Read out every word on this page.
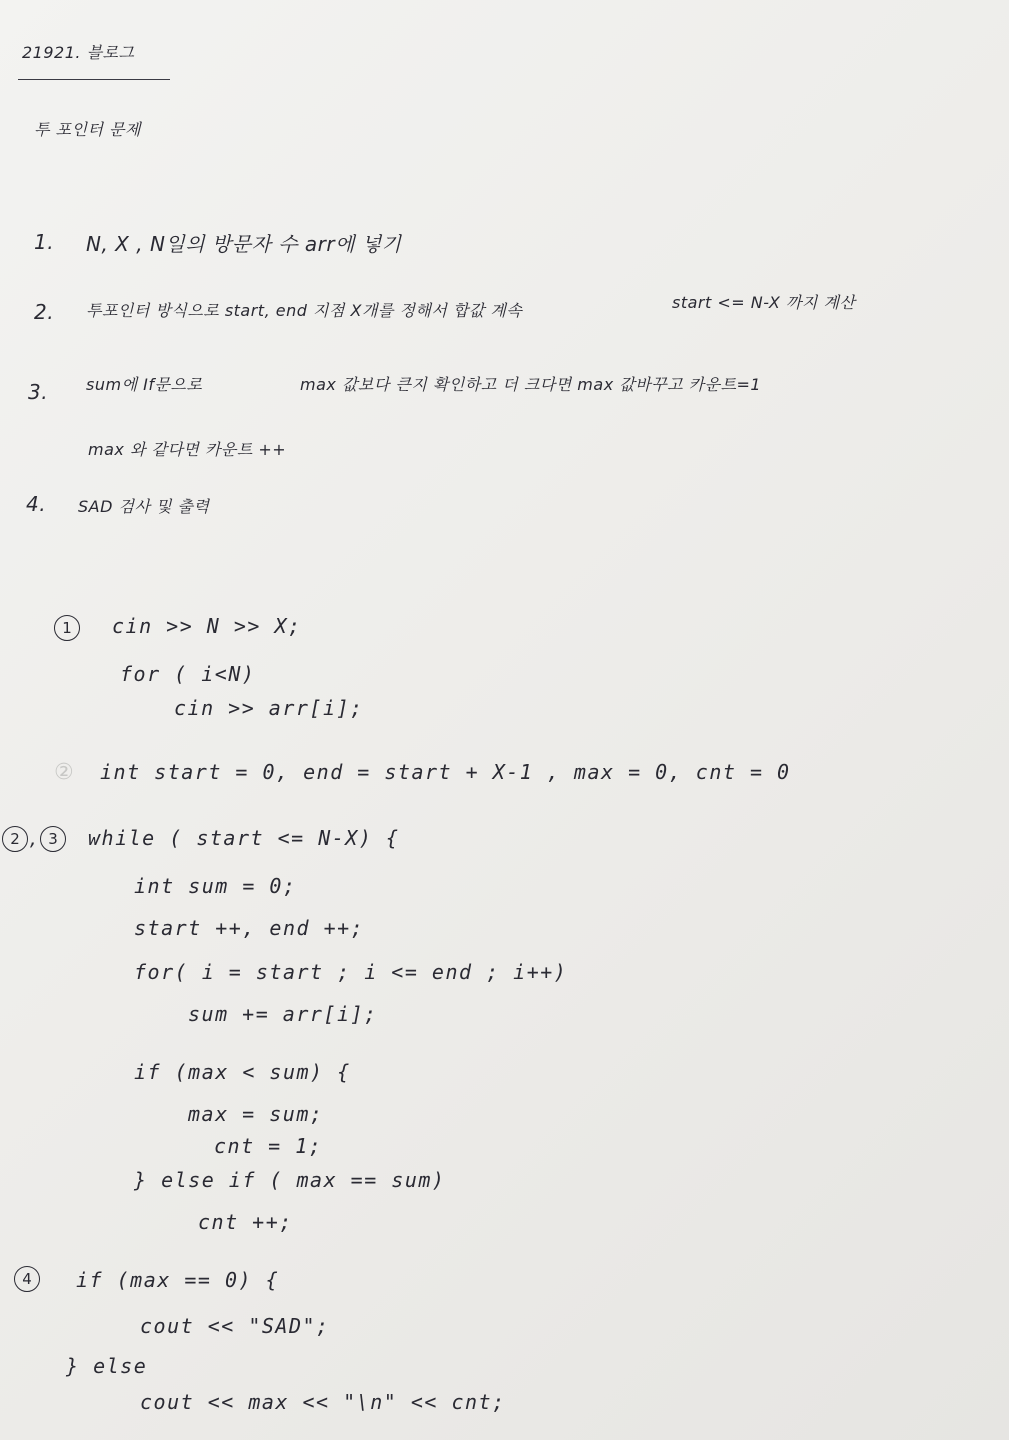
21921. 블로그
투 포인터 문제
1. N, X , N일의 방문자 수 arr에 넣기
2. 투포인터 방식으로 start, end 지점 X개를 정해서 합값 계속	start <= N-X 까지 계산
3. sum에 If문으로	max 값보다 큰지 확인하고 더 크다면 max 값바꾸고 카운트=1
max 와 같다면 카운트 ++
4. SAD 검사 및 출력
1	cin >> N >> X;
for ( i<N)
cin >> arr[i];
② int start = 0, end = start + X-1 , max = 0, cnt = 0
2 , 3	while ( start <= N-X) {
int sum = 0;
start ++, end ++;
for( i = start ; i <= end ; i++)
sum += arr[i];
if (max < sum) {
max = sum;
cnt = 1;
} else if ( max == sum)
cnt ++;
4	if (max == 0) {
cout << "SAD";
} else
cout << max << "\n" << cnt;
